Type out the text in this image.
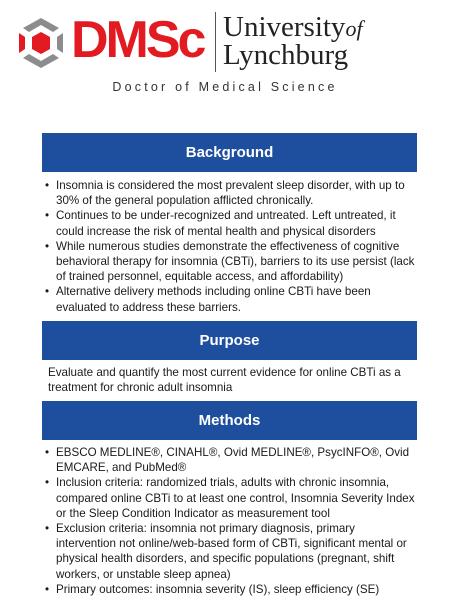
DMSc Universityof
Lynchburg
Doctor of Medical Science
Background
• Insomnia is considered the most prevalent sleep disorder, with up to 30% of the general population afflicted chronically.
• Continues to be under-recognized and untreated. Left untreated, it could increase the risk of mental health and physical disorders
• While numerous studies demonstrate the effectiveness of cognitive behavioral therapy for insomnia (CBTi), barriers to its use persist (lack of trained personnel, equitable access, and affordability)
• Alternative delivery methods including online CBTi have been evaluated to address these barriers.
Purpose
Evaluate and quantify the most current evidence for online CBTi as a treatment for chronic adult insomnia
Methods
• EBSCO MEDLINE®, CINAHL®, Ovid MEDLINE®, PsycINFO®, Ovid EMCARE, and PubMed®
• Inclusion criteria: randomized trials, adults with chronic insomnia, compared online CBTi to at least one control, Insomnia Severity Index or the Sleep Condition Indicator as measurement tool
• Exclusion criteria: insomnia not primary diagnosis, primary intervention not online/web-based form of CBTi, significant mental or physical health disorders, and specific populations (pregnant, shift workers, or unstable sleep apnea)
• Primary outcomes: insomnia severity (IS), sleep efficiency (SE)
